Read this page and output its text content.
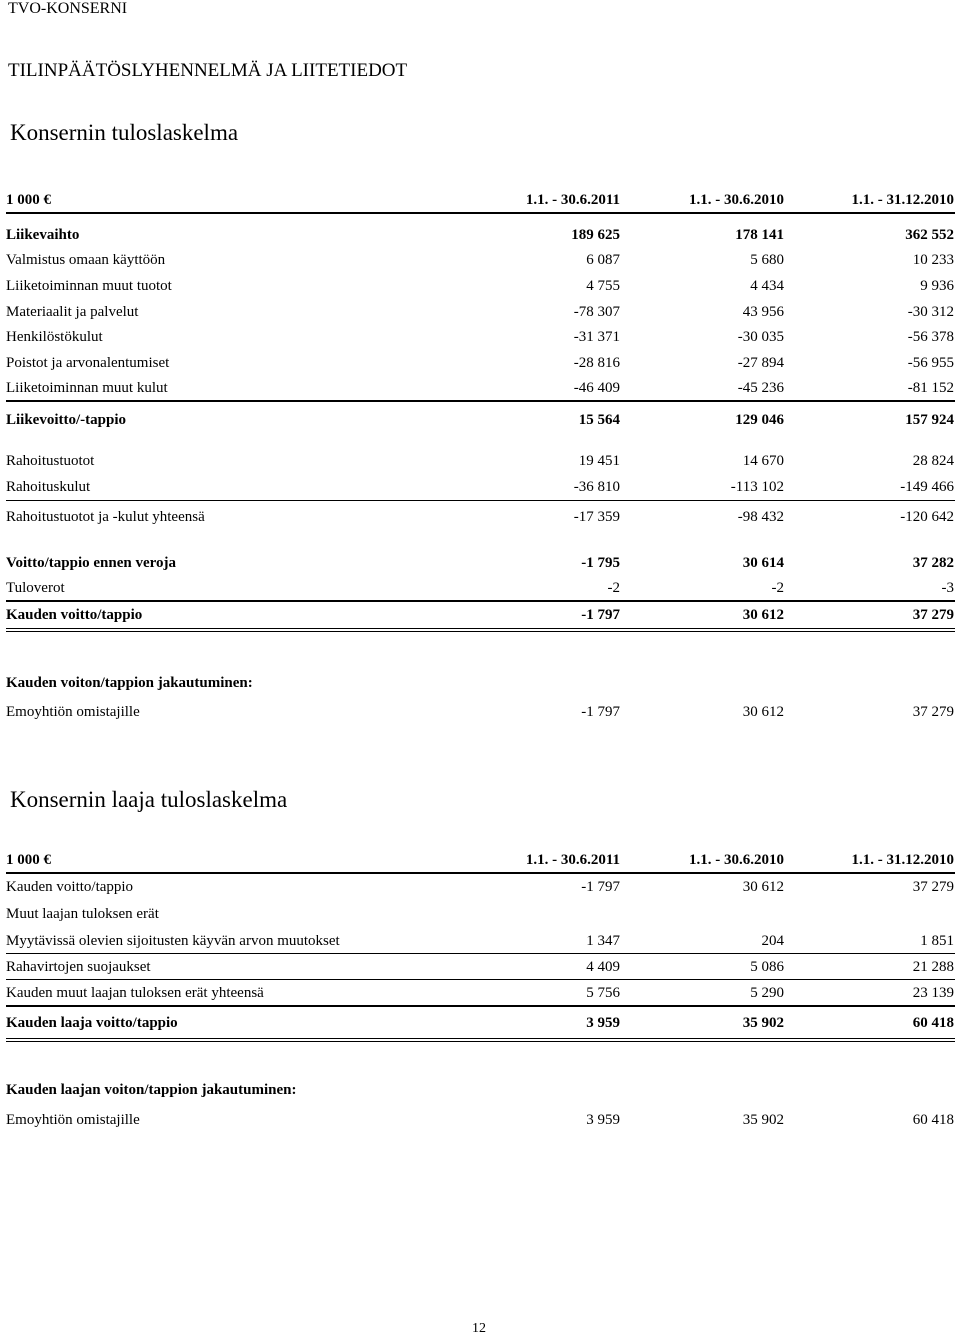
TVO-KONSERNI
TILINPÄÄTÖSLYHENNELMÄ JA LIITETIEDOT
Konsernin tuloslaskelma
1 000 €	1.1. - 30.6.2011	1.1. - 30.6.2010	1.1. - 31.12.2010
Liikevaihto	189 625	178 141	362 552
Valmistus omaan käyttöön	6 087	5 680	10 233
Liiketoiminnan muut tuotot	4 755	4 434	9 936
Materiaalit ja palvelut	-78 307	43 956	-30 312
Henkilöstökulut	-31 371	-30 035	-56 378
Poistot ja arvonalentumiset	-28 816	-27 894	-56 955
Liiketoiminnan muut kulut	-46 409	-45 236	-81 152
Liikevoitto/-tappio	15 564	129 046	157 924
Rahoitustuotot	19 451	14 670	28 824
Rahoituskulut	-36 810	-113 102	-149 466
Rahoitustuotot ja -kulut yhteensä	-17 359	-98 432	-120 642
Voitto/tappio ennen veroja	-1 795	30 614	37 282
Tuloverot	-2	-2	-3
Kauden voitto/tappio	-1 797	30 612	37 279
Kauden voiton/tappion jakautuminen:
Emoyhtiön omistajille	-1 797	30 612	37 279
Konsernin laaja tuloslaskelma
1 000 €	1.1. - 30.6.2011	1.1. - 30.6.2010	1.1. - 31.12.2010
Kauden voitto/tappio	-1 797	30 612	37 279
Muut laajan tuloksen erät
Myytävissä olevien sijoitusten käyvän arvon muutokset	1 347	204	1 851
Rahavirtojen suojaukset	4 409	5 086	21 288
Kauden muut laajan tuloksen erät yhteensä	5 756	5 290	23 139
Kauden laaja voitto/tappio	3 959	35 902	60 418
Kauden laajan voiton/tappion jakautuminen:
Emoyhtiön omistajille	3 959	35 902	60 418
12
